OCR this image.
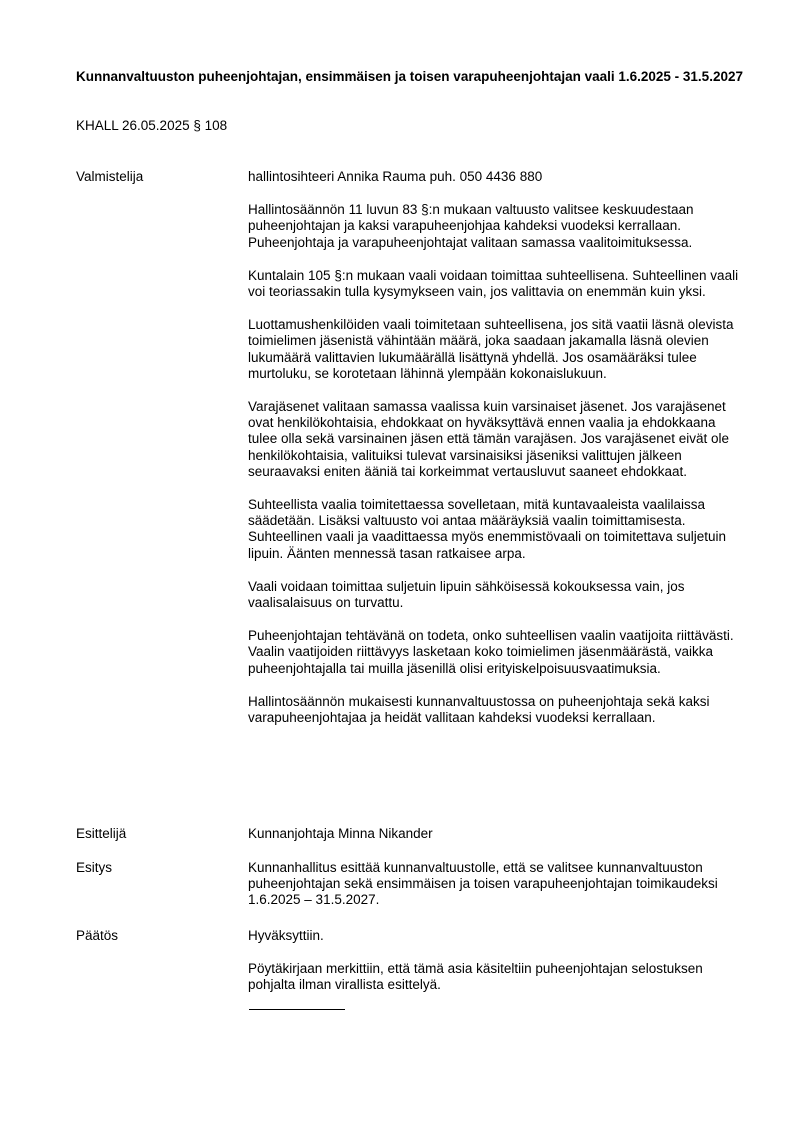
Kunnanvaltuuston puheenjohtajan, ensimmäisen ja toisen varapuheenjohtajan vaali 1.6.2025 - 31.5.2027
KHALL 26.05.2025 § 108
Valmistelija	hallintosihteeri Annika Rauma puh. 050 4436 880

Hallintosäännön 11 luvun 83 §:n mukaan valtuusto valitsee keskuudestaan puheenjohtajan ja kaksi varapuheenjohjaa kahdeksi vuodeksi kerrallaan. Puheenjohtaja ja varapuheenjohtajat valitaan samassa vaalitoimituksessa.

Kuntalain 105 §:n mukaan vaali voidaan toimittaa suhteellisena. Suhteellinen vaali voi teoriassakin tulla kysymykseen vain, jos valittavia on enemmän kuin yksi.

Luottamushenkilöiden vaali toimitetaan suhteellisena, jos sitä vaatii läsnä olevista toimielimen jäsenistä vähintään määrä, joka saadaan jakamalla läsnä olevien lukumäärä valittavien lukumäärällä lisättynä yhdellä. Jos osamääräksi tulee murtoluku, se korotetaan lähinnä ylempään kokonaislukuun.

Varajäsenet valitaan samassa vaalissa kuin varsinaiset jäsenet. Jos varajäsenet ovat henkilökohtaisia, ehdokkaat on hyväksyttävä ennen vaalia ja ehdokkaana tulee olla sekä varsinainen jäsen että tämän varajäsen. Jos varajäsenet eivät ole henkilökohtaisia, valituiksi tulevat varsinaisiksi jäseniksi valittujen jälkeen seuraavaksi eniten ääniä tai korkeimmat vertausluvut saaneet ehdokkaat.

Suhteellista vaalia toimitettaessa sovelletaan, mitä kuntavaaleista vaalilaissa säädetään. Lisäksi valtuusto voi antaa määräyksiä vaalin toimittamisesta. Suhteellinen vaali ja vaadittaessa myös enemmistövaali on toimitettava suljetuin lipuin. Äänten mennessä tasan ratkaisee arpa.

Vaali voidaan toimittaa suljetuin lipuin sähköisessä kokouksessa vain, jos vaalisalaisuus on turvattu.

Puheenjohtajan tehtävänä on todeta, onko suhteellisen vaalin vaatijoita riittävästi. Vaalin vaatijoiden riittävyys lasketaan koko toimielimen jäsenmäärästä, vaikka puheenjohtajalla tai muilla jäsenillä olisi erityiskelpoisuusvaatimuksia.

Hallintosäännön mukaisesti kunnanvaltuustossa on puheenjohtaja sekä kaksi varapuheenjohtajaa ja heidät vallitaan kahdeksi vuodeksi kerrallaan.

Esittelijä	Kunnanjohtaja Minna Nikander
Esitys	Kunnanhallitus esittää kunnanvaltuustolle, että se valitsee kunnanvaltuuston puheenjohtajan sekä ensimmäisen ja toisen varapuheenjohtajan toimikaudeksi 1.6.2025 – 31.5.2027.
Päätös	Hyväksyttiin.

Pöytäkirjaan merkittiin, että tämä asia käsiteltiin puheenjohtajan selostuksen pohjalta ilman virallista esittelyä.
